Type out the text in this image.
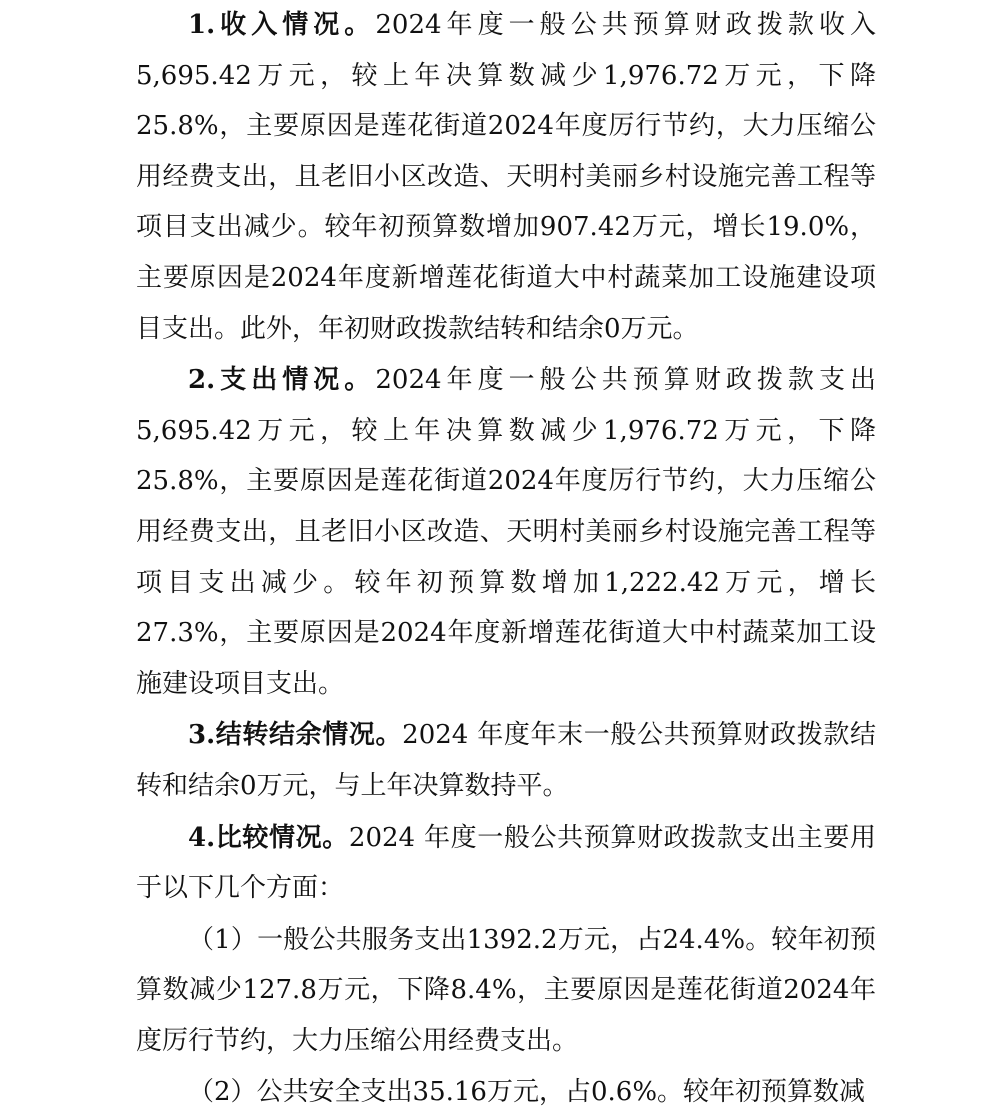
1.收入情况。2024年度一般公共预算财政拨款收入5,695.42万元，较上年决算数减少1,976.72万元，下降25.8%，主要原因是莲花街道2024年度厉行节约，大力压缩公用经费支出，且老旧小区改造、天明村美丽乡村设施完善工程等项目支出减少。较年初预算数增加907.42万元，增长19.0%，主要原因是2024年度新增莲花街道大中村蔬菜加工设施建设项目支出。此外，年初财政拨款结转和结余0万元。

2.支出情况。2024年度一般公共预算财政拨款支出5,695.42万元，较上年决算数减少1,976.72万元，下降25.8%，主要原因是莲花街道2024年度厉行节约，大力压缩公用经费支出，且老旧小区改造、天明村美丽乡村设施完善工程等项目支出减少。较年初预算数增加1,222.42万元，增长27.3%，主要原因是2024年度新增莲花街道大中村蔬菜加工设施建设项目支出。

3.结转结余情况。2024 年度年末一般公共预算财政拨款结转和结余0万元，与上年决算数持平。

4.比较情况。2024 年度一般公共预算财政拨款支出主要用于以下几个方面：

（1）一般公共服务支出1392.2万元，占24.4%。较年初预算数减少127.8万元，下降8.4%，主要原因是莲花街道2024年度厉行节约，大力压缩公用经费支出。

（2）公共安全支出35.16万元，占0.6%。较年初预算数减
